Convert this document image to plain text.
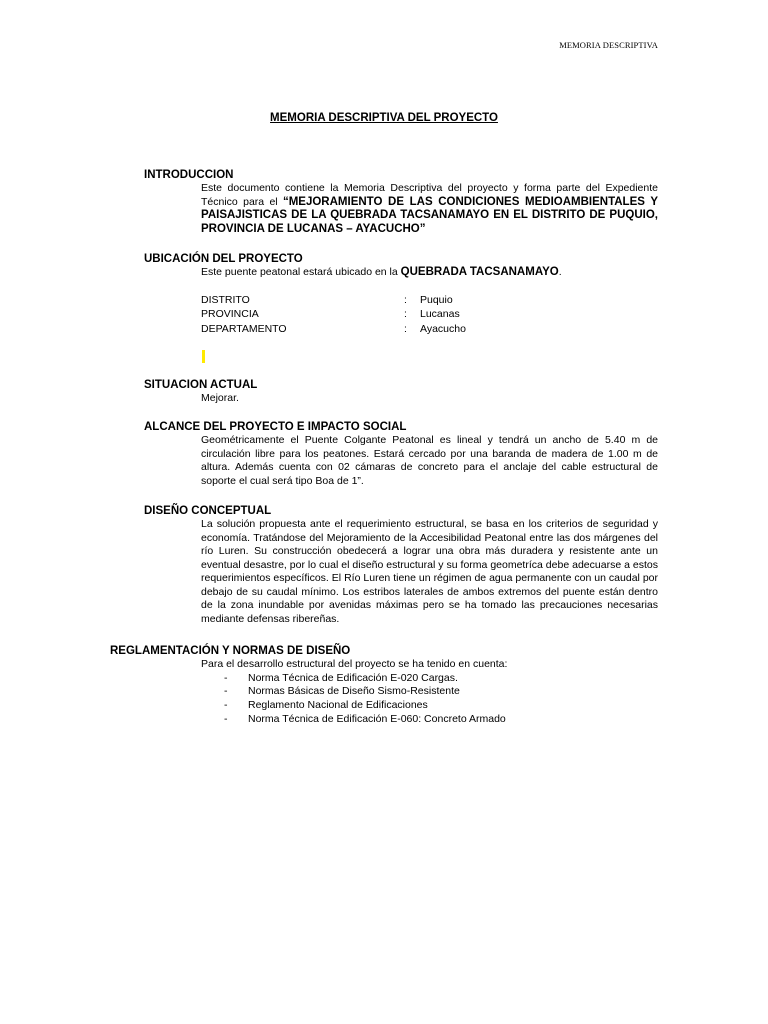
MEMORIA DESCRIPTIVA
MEMORIA DESCRIPTIVA DEL PROYECTO
INTRODUCCION
Este documento contiene la Memoria Descriptiva del proyecto y forma parte del Expediente Técnico para el “MEJORAMIENTO DE LAS CONDICIONES MEDIOAMBIENTALES Y PAISAJISTICAS DE LA QUEBRADA TACSANAMAYO EN EL DISTRITO DE PUQUIO, PROVINCIA DE LUCANAS – AYACUCHO”
UBICACIÓN DEL PROYECTO
Este puente peatonal estará ubicado en la QUEBRADA TACSANAMAYO.
DISTRITO	:	Puquio
PROVINCIA	:	Lucanas
DEPARTAMENTO	:	Ayacucho
SITUACION ACTUAL
Mejorar.
ALCANCE DEL PROYECTO E IMPACTO SOCIAL
Geométricamente el Puente Colgante Peatonal es lineal y tendrá un ancho de 5.40 m de circulación libre para los peatones. Estará cercado por una baranda de madera de 1.00 m de altura. Además cuenta con 02 cámaras de concreto para el anclaje del cable estructural de soporte el cual será tipo Boa de 1”.
DISEÑO CONCEPTUAL
La solución propuesta ante el requerimiento estructural, se basa en los criterios de seguridad y economía. Tratándose del Mejoramiento de la Accesibilidad Peatonal entre las dos márgenes del río Luren. Su construcción obedecerá a lograr una obra más duradera y resistente ante un eventual desastre, por lo cual el diseño estructural y su forma geometríca debe adecuarse a estos requerimientos específicos. El Río Luren tiene un régimen de agua permanente con un caudal por debajo de su caudal mínimo. Los estribos laterales de ambos extremos del puente están dentro de la zona inundable por avenidas máximas pero se ha tomado las precauciones necesarias mediante defensas ribereñas.
REGLAMENTACIÓN Y NORMAS DE DISEÑO
Para el desarrollo estructural del proyecto se ha tenido en cuenta:
-	Norma Técnica de Edificación E-020 Cargas.
-	Normas Básicas de Diseño Sismo-Resistente
-	Reglamento Nacional de Edificaciones
-	Norma Técnica de Edificación E-060: Concreto Armado
